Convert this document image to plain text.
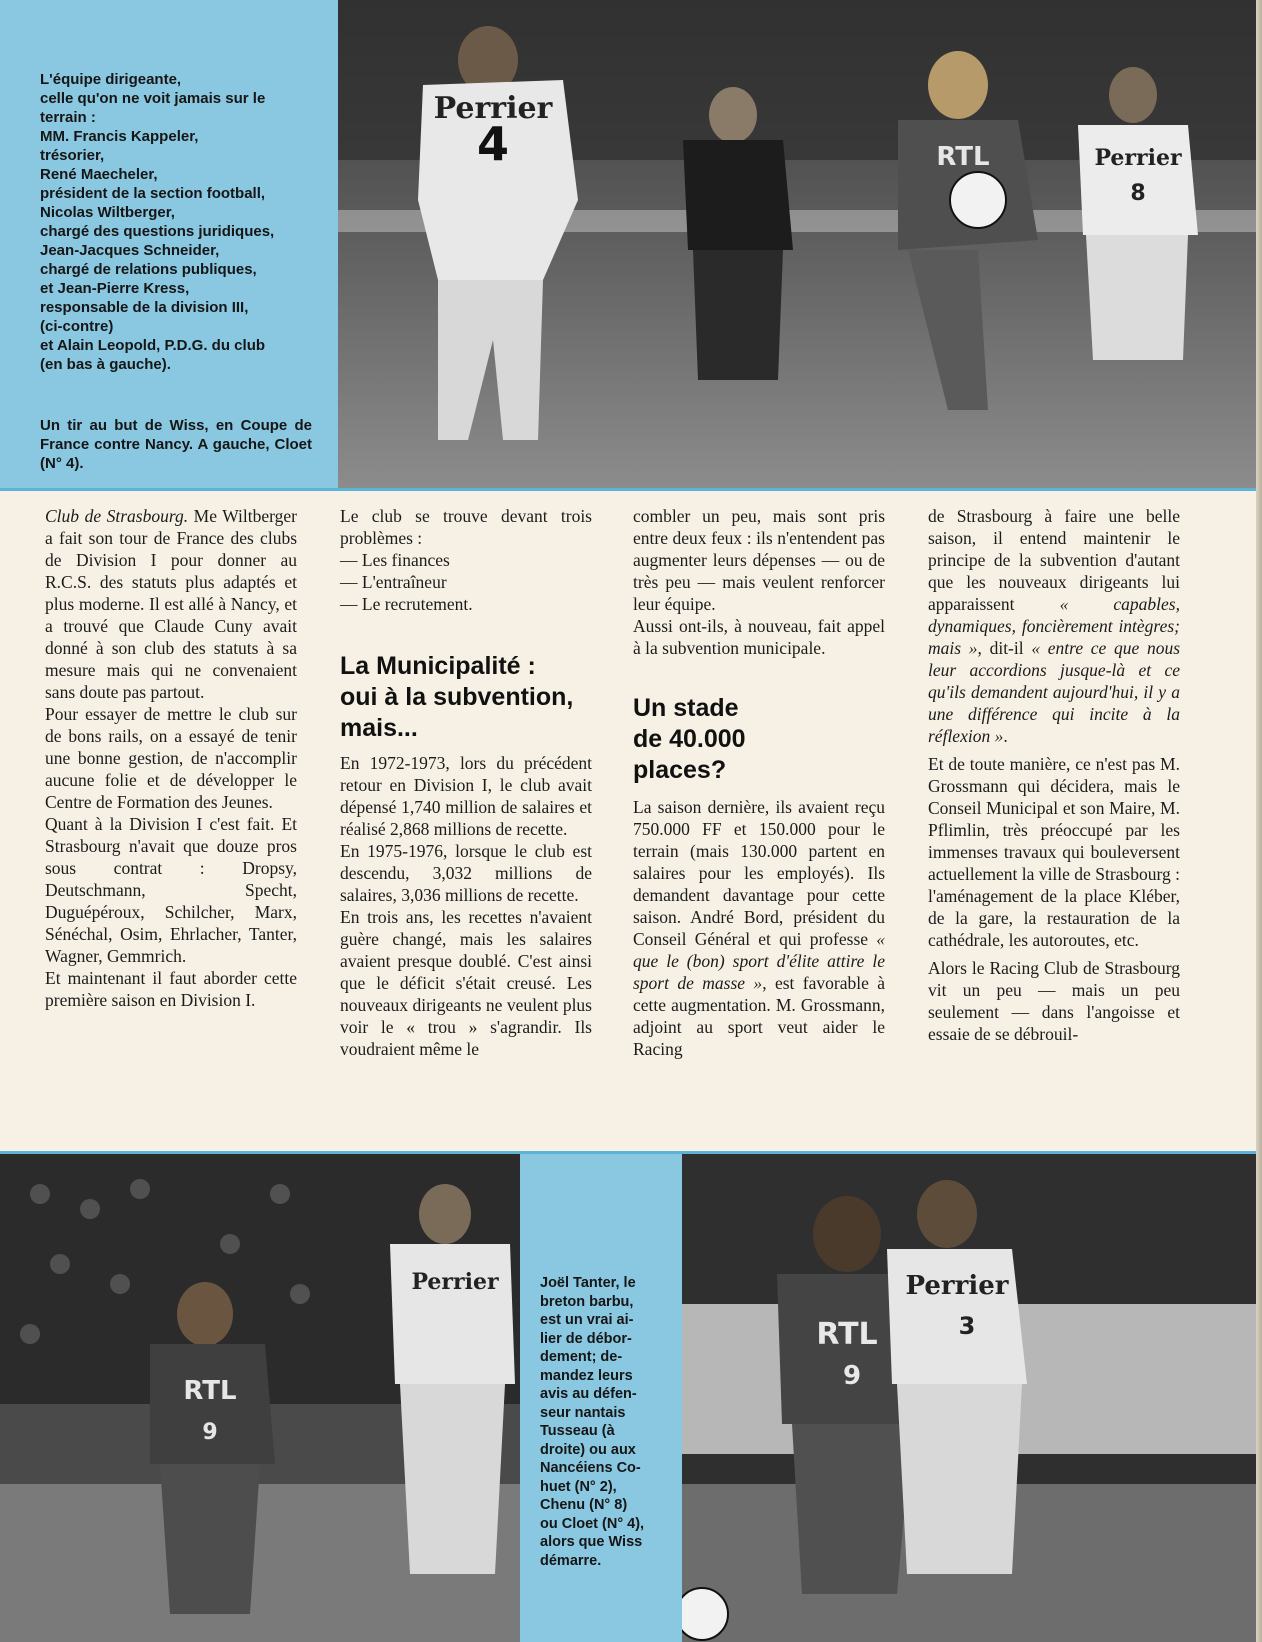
L'équipe dirigeante,
celle qu'on ne voit jamais sur le terrain :
MM. Francis Kappeler,
trésorier,
René Maecheler,
président de la section football,
Nicolas Wiltberger,
chargé des questions juridiques,
Jean-Jacques Schneider,
chargé de relations publiques,
et Jean-Pierre Kress,
responsable de la division III,
(ci-contre)
et Alain Leopold, P.D.G. du club
(en bas à gauche).

Un tir au but de Wiss, en Coupe de France contre Nancy. A gauche, Cloet (N° 4).

Perrier
4	RTL	Perrier
8

Club de Strasbourg. Me Wiltberger a fait son tour de France des clubs de Division I pour donner au R.C.S. des statuts plus adaptés et plus moderne. Il est allé à Nancy, et a trouvé que Claude Cuny avait donné à son club des statuts à sa mesure mais qui ne convenaient sans doute pas partout.

Pour essayer de mettre le club sur de bons rails, on a essayé de tenir une bonne gestion, de n'accomplir aucune folie et de développer le Centre de Formation des Jeunes.

Quant à la Division I c'est fait. Et Strasbourg n'avait que douze pros sous contrat : Dropsy, Deutschmann, Specht, Duguépéroux, Schilcher, Marx, Sénéchal, Osim, Ehrlacher, Tanter, Wagner, Gemmrich.

Et maintenant il faut aborder cette première saison en Division I.

Le club se trouve devant trois problèmes :

— Les finances
— L'entraîneur
— Le recrutement.

La Municipalité :
oui à la subvention,
mais...

En 1972-1973, lors du précédent retour en Division I, le club avait dépensé 1,740 million de salaires et réalisé 2,868 millions de recette.

En 1975-1976, lorsque le club est descendu, 3,032 millions de salaires, 3,036 millions de recette.

En trois ans, les recettes n'avaient guère changé, mais les salaires avaient presque doublé. C'est ainsi que le déficit s'était creusé. Les nouveaux dirigeants ne veulent plus voir le « trou » s'agrandir. Ils voudraient même le

combler un peu, mais sont pris entre deux feux : ils n'entendent pas augmenter leurs dépenses — ou de très peu — mais veulent renforcer leur équipe.

Aussi ont-ils, à nouveau, fait appel à la subvention municipale.

Un stade
de 40.000
places?

La saison dernière, ils avaient reçu 750.000 FF et 150.000 pour le terrain (mais 130.000 partent en salaires pour les employés). Ils demandent davantage pour cette saison. André Bord, président du Conseil Général et qui professe « que le (bon) sport d'élite attire le sport de masse », est favorable à cette augmentation. M. Grossmann, adjoint au sport veut aider le Racing

de Strasbourg à faire une belle saison, il entend maintenir le principe de la subvention d'autant que les nouveaux dirigeants lui apparaissent	« capables, dynamiques, foncièrement intègres; mais », dit-il « entre ce que nous leur accordions jusque-là et ce qu'ils demandent aujourd'hui, il y a une différence qui incite à la réflexion ».

Et de toute manière, ce n'est pas M. Grossmann qui décidera, mais le Conseil Municipal et son Maire, M. Pflimlin, très préoccupé par les immenses travaux qui bouleversent actuellement la ville de Strasbourg : l'aménagement de la place Kléber, de la gare, la restauration de la cathédrale, les autoroutes, etc.

Alors le Racing Club de Strasbourg vit un peu — mais un peu seulement — dans l'angoisse et essaie de se débrouil-

RTL
9
Perrier	Joël Tanter, le
breton barbu,
est un vrai ai-
lier de débor-
dement; de-
mandez leurs
avis au défen-
seur nantais
Tusseau (à
droite) ou aux
Nancéiens Co-
huet (N° 2),
Chenu (N° 8)
ou Cloet (N° 4),
alors que Wiss
démarre.
RTL
9
Perrier
3
